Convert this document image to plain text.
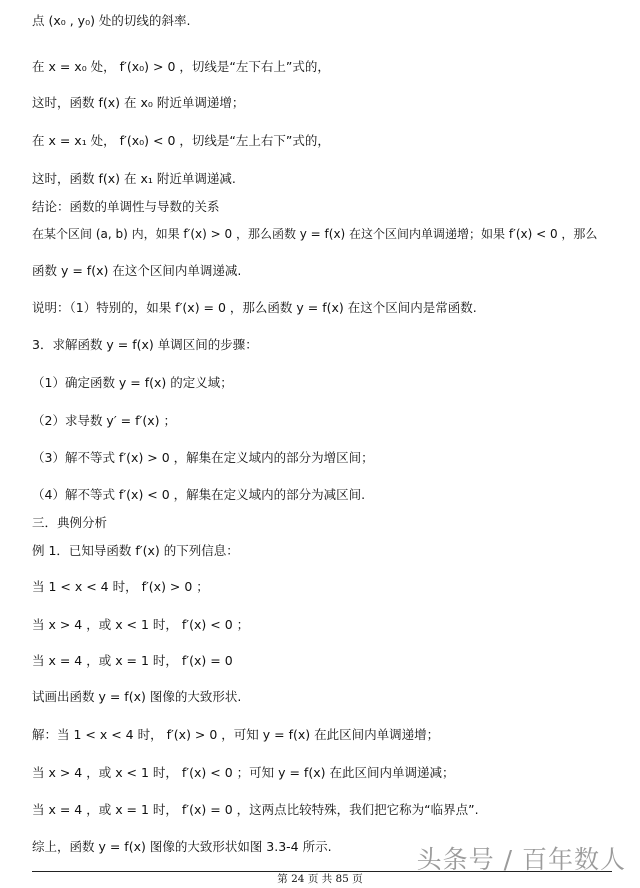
点 (x₀ , y₀) 处的切线的斜率.
在 x = x₀ 处， f′(x₀) > 0 ，切线是“左下右上”式的，
这时，函数 f(x) 在 x₀ 附近单调递增；
在 x = x₁ 处， f′(x₀) < 0 ，切线是“左上右下”式的，
这时，函数 f(x) 在 x₁ 附近单调递减.
结论：函数的单调性与导数的关系
在某个区间 (a, b) 内，如果 f′(x) > 0 ，那么函数 y = f(x) 在这个区间内单调递增；如果 f′(x) < 0 ，那么
函数 y = f(x) 在这个区间内单调递减.
说明：（1）特别的，如果 f′(x) = 0 ，那么函数 y = f(x) 在这个区间内是常函数.
3．求解函数 y = f(x) 单调区间的步骤：
（1）确定函数 y = f(x) 的定义域；
（2）求导数 y′ = f′(x) ；
（3）解不等式 f′(x) > 0 ，解集在定义域内的部分为增区间；
（4）解不等式 f′(x) < 0 ，解集在定义域内的部分为减区间.
三．典例分析
例 1．已知导函数 f′(x) 的下列信息：
当 1 < x < 4 时， f′(x) > 0 ；
当 x > 4 ，或 x < 1 时， f′(x) < 0 ；
当 x = 4 ，或 x = 1 时， f′(x) = 0
试画出函数 y = f(x) 图像的大致形状.
解：当 1 < x < 4 时， f′(x) > 0 ，可知 y = f(x) 在此区间内单调递增；
当 x > 4 ，或 x < 1 时， f′(x) < 0 ；可知 y = f(x) 在此区间内单调递减；
当 x = 4 ，或 x = 1 时， f′(x) = 0 ，这两点比较特殊，我们把它称为“临界点”.
综上，函数 y = f(x) 图像的大致形状如图 3.3-4 所示.	头条号 / 百年数人
第 24 页 共 85 页
